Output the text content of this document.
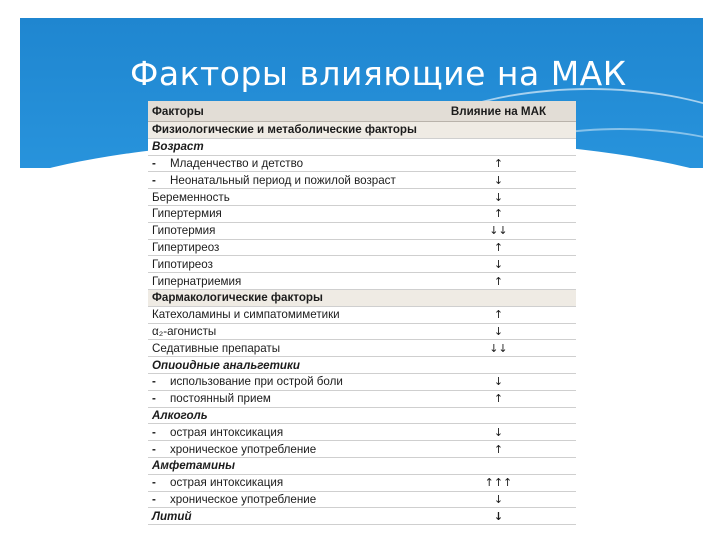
Факторы влияющие на МАК
Факторы	Влияние на МАК
Физиологические и метаболические факторы	
Возраст	
- Младенчество и детство	↑
- Неонатальный период и пожилой возраст	↓
Беременность	↓
Гипертермия	↑
Гипотермия	↓↓
Гипертиреоз	↑
Гипотиреоз	↓
Гипернатриемия	↑
Фармакологические факторы	
Катехоламины и симпатомиметики	↑
α₂-агонисты	↓
Седативные препараты	↓↓
Опиоидные анальгетики	
- использование при острой боли	↓
- постоянный прием	↑
Алкоголь	
- острая интоксикация	↓
- хроническое употребление	↑
Амфетамины	
- острая интоксикация	↑↑↑
- хроническое употребление	↓
Литий	↓
